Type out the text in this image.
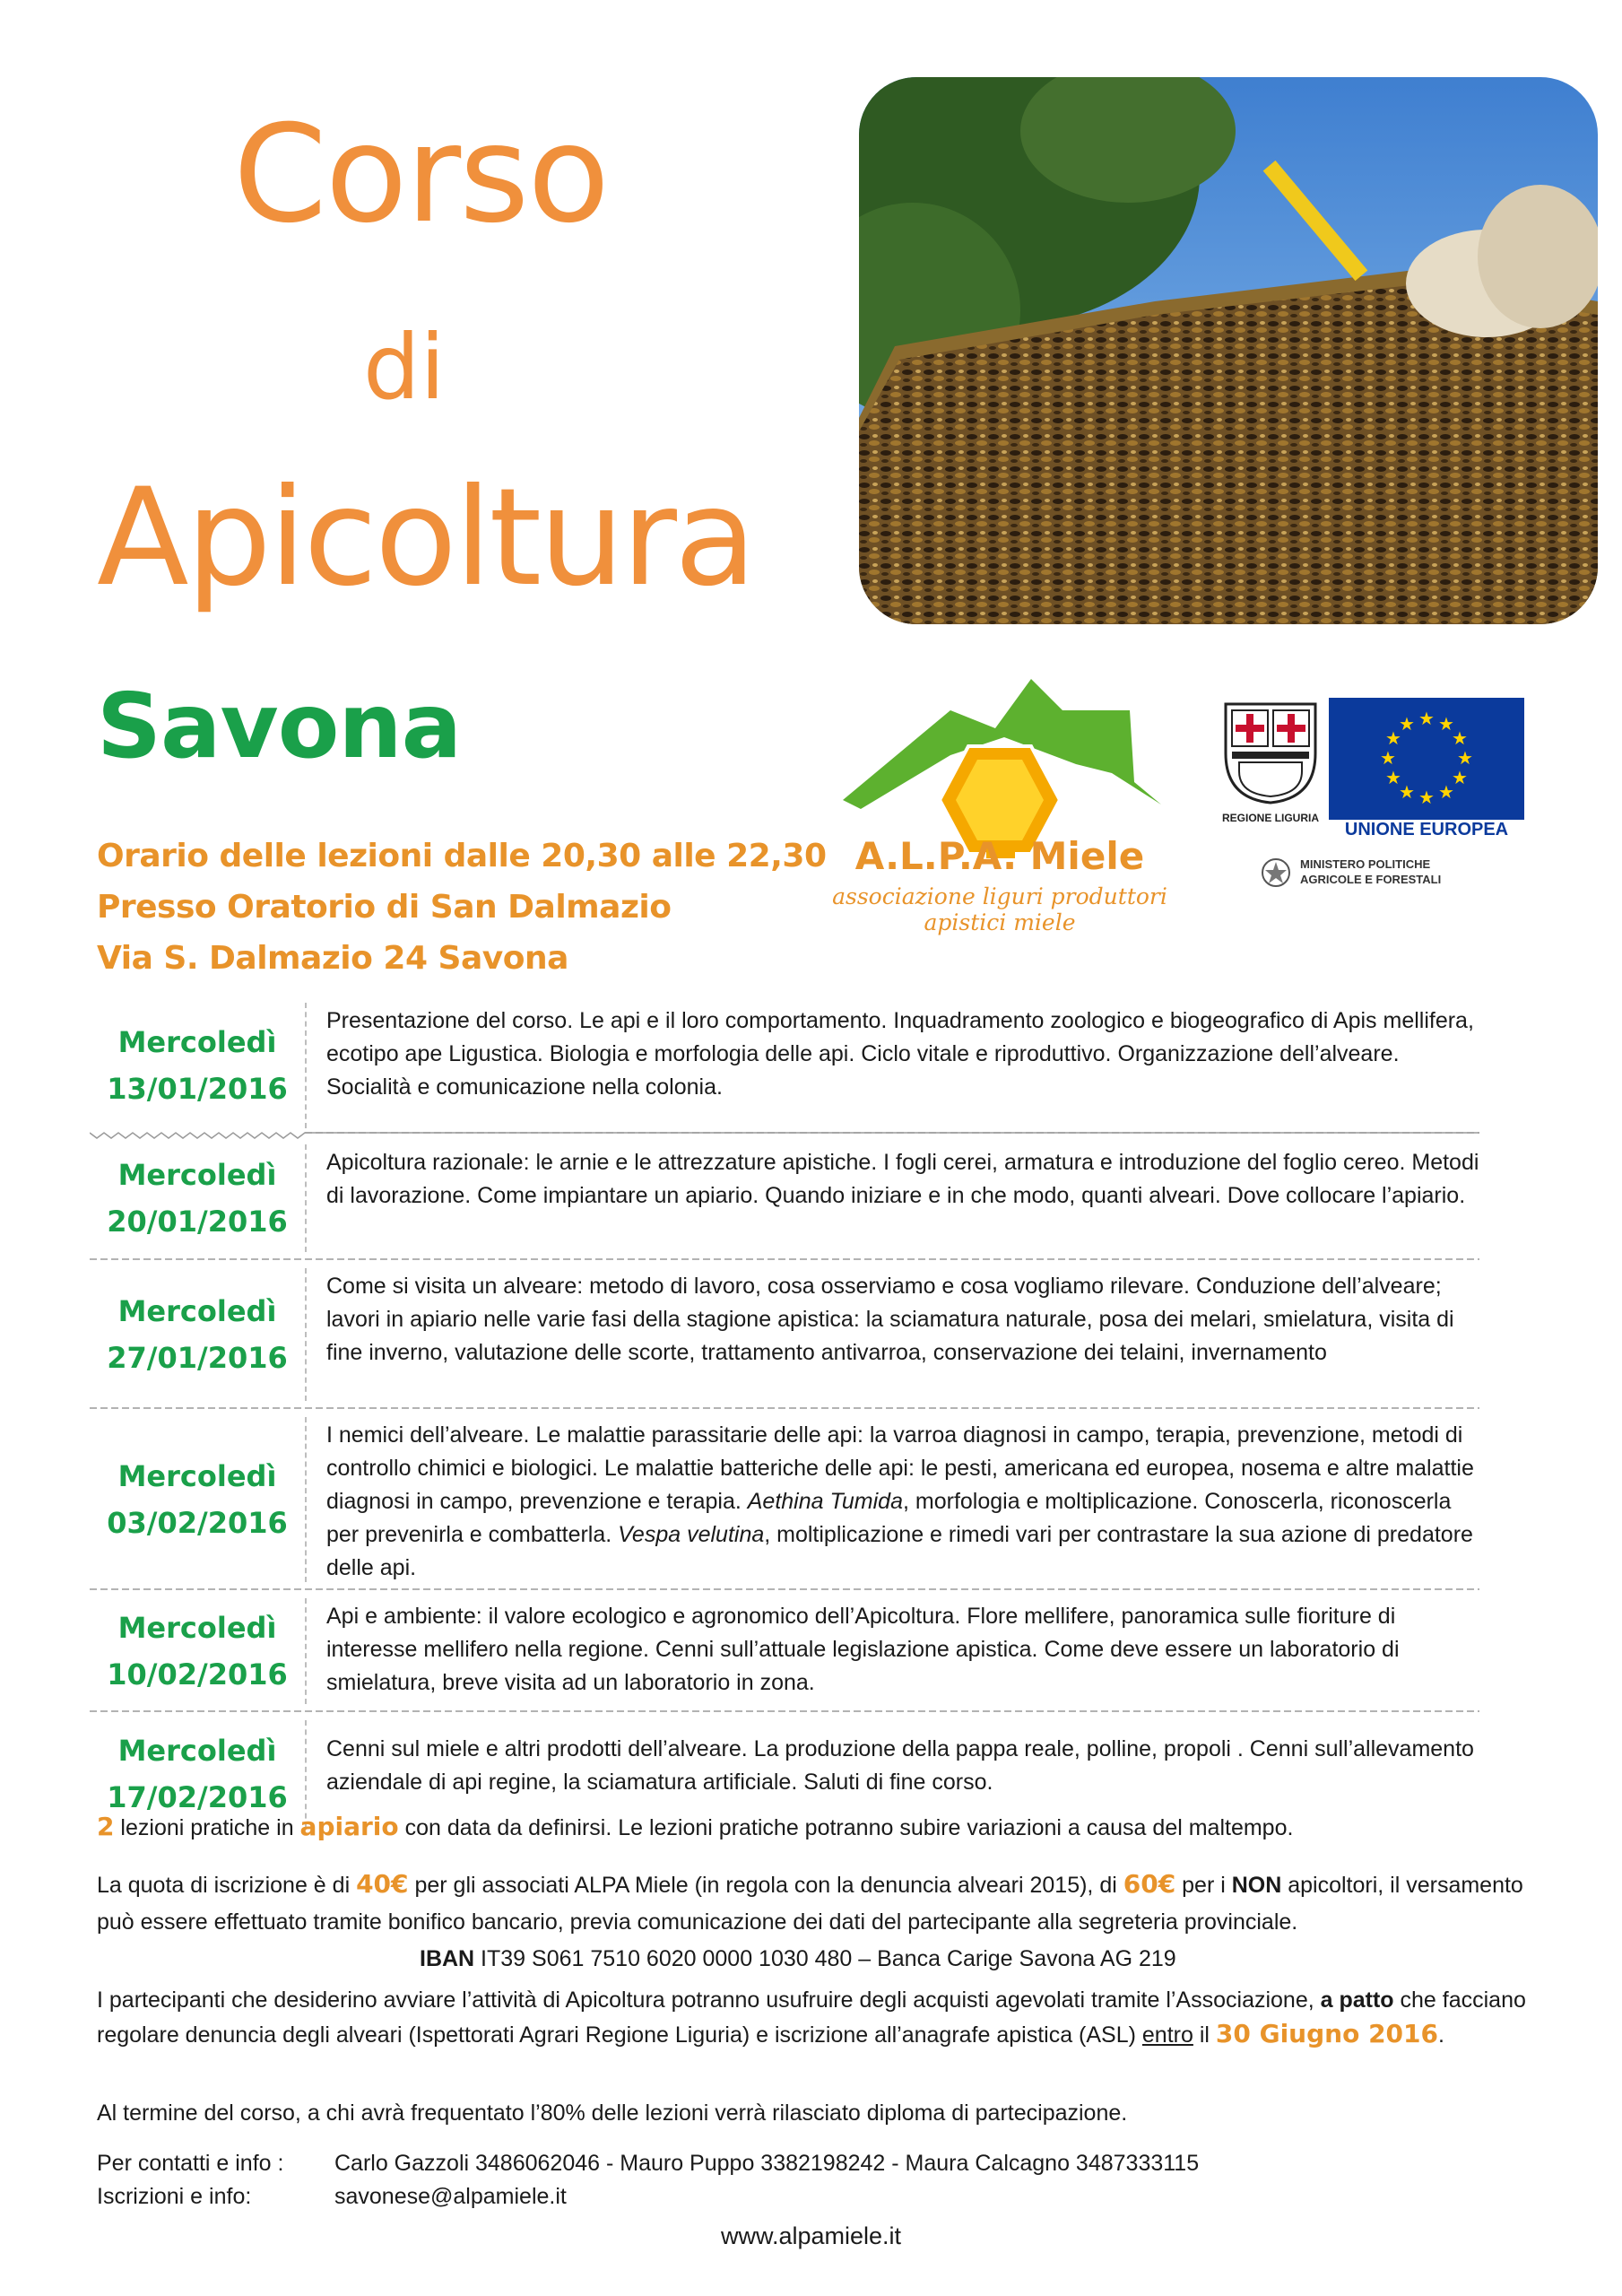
Corso
di
Apicoltura
Savona
A.L.P.A. Miele
associazione liguri produttori apistici miele
REGIONE LIGURIA
★ ★
★
★
★
★
★
★
★
★
★
★
UNIONE EUROPEA
MINISTERO POLITICHE
AGRICOLE E FORESTALI
Orario delle lezioni dalle 20,30 alle 22,30
Presso Oratorio di San Dalmazio
Via S. Dalmazio 24 Savona
Mercoledì
13/01/2016
Presentazione del corso. Le api e il loro comportamento. Inquadramento zoologico e biogeografico di Apis mellifera, ecotipo ape Ligustica. Biologia e morfologia delle api. Ciclo vitale e riproduttivo. Organizzazione dell’alveare. Socialità e comunicazione nella colonia.
Mercoledì
20/01/2016
Apicoltura razionale: le arnie e le attrezzature apistiche. I fogli cerei, armatura e introduzione del foglio cereo. Metodi di lavorazione. Come impiantare un apiario. Quando iniziare e in che modo, quanti alveari. Dove collocare l’apiario.
Mercoledì
27/01/2016
Come si visita un alveare: metodo di lavoro, cosa osserviamo e cosa vogliamo rilevare. Conduzione dell’alveare; lavori in apiario nelle varie fasi della stagione apistica: la sciamatura naturale, posa dei melari, smielatura, visita di fine inverno, valutazione delle scorte, trattamento antivarroa, conservazione dei telaini, invernamento
Mercoledì
03/02/2016
I nemici dell’alveare. Le malattie parassitarie delle api: la varroa diagnosi in campo, terapia, prevenzione, metodi di controllo chimici e biologici. Le malattie batteriche delle api: le pesti, americana ed europea, nosema e altre malattie diagnosi in campo, prevenzione e terapia. Aethina Tumida, morfologia e moltiplicazione. Conoscerla, riconoscerla per prevenirla e combatterla. Vespa velutina, moltiplicazione e rimedi vari per contrastare la sua azione di predatore delle api.
Mercoledì
10/02/2016
Api e ambiente: il valore ecologico e agronomico dell’Apicoltura. Flore mellifere, panoramica sulle fioriture di interesse mellifero nella regione. Cenni sull’attuale legislazione apistica. Come deve essere un laboratorio di smielatura, breve visita ad un laboratorio in zona.
Mercoledì
17/02/2016
Cenni sul miele e altri prodotti dell’alveare. La produzione della pappa reale, polline, propoli . Cenni sull’allevamento aziendale di api regine, la sciamatura artificiale. Saluti di fine corso.
2 lezioni pratiche in apiario con data da definirsi. Le lezioni pratiche potranno subire variazioni a causa del maltempo.
La quota di iscrizione è di 40€ per gli associati ALPA Miele (in regola con la denuncia alveari 2015), di 60€ per i NON apicoltori, il versamento può essere effettuato tramite bonifico bancario, previa comunicazione dei dati del partecipante alla segreteria provinciale.IBAN IT39 S061 7510 6020 0000 1030 480 – Banca Carige Savona AG 219
I partecipanti che desiderino avviare l’attività di Apicoltura potranno usufruire degli acquisti agevolati tramite l’Associazione, a patto che facciano regolare denuncia degli alveari (Ispettorati Agrari Regione Liguria) e iscrizione all’anagrafe apistica (ASL) entro il 30 Giugno 2016.
Al termine del corso, a chi avrà frequentato l’80% delle lezioni verrà rilasciato diploma di partecipazione.
Per contatti e info :	Carlo Gazzoli 3486062046 - Mauro Puppo 3382198242 - Maura Calcagno 3487333115
Iscrizioni e info:	savonese@alpamiele.it
www.alpamiele.it
